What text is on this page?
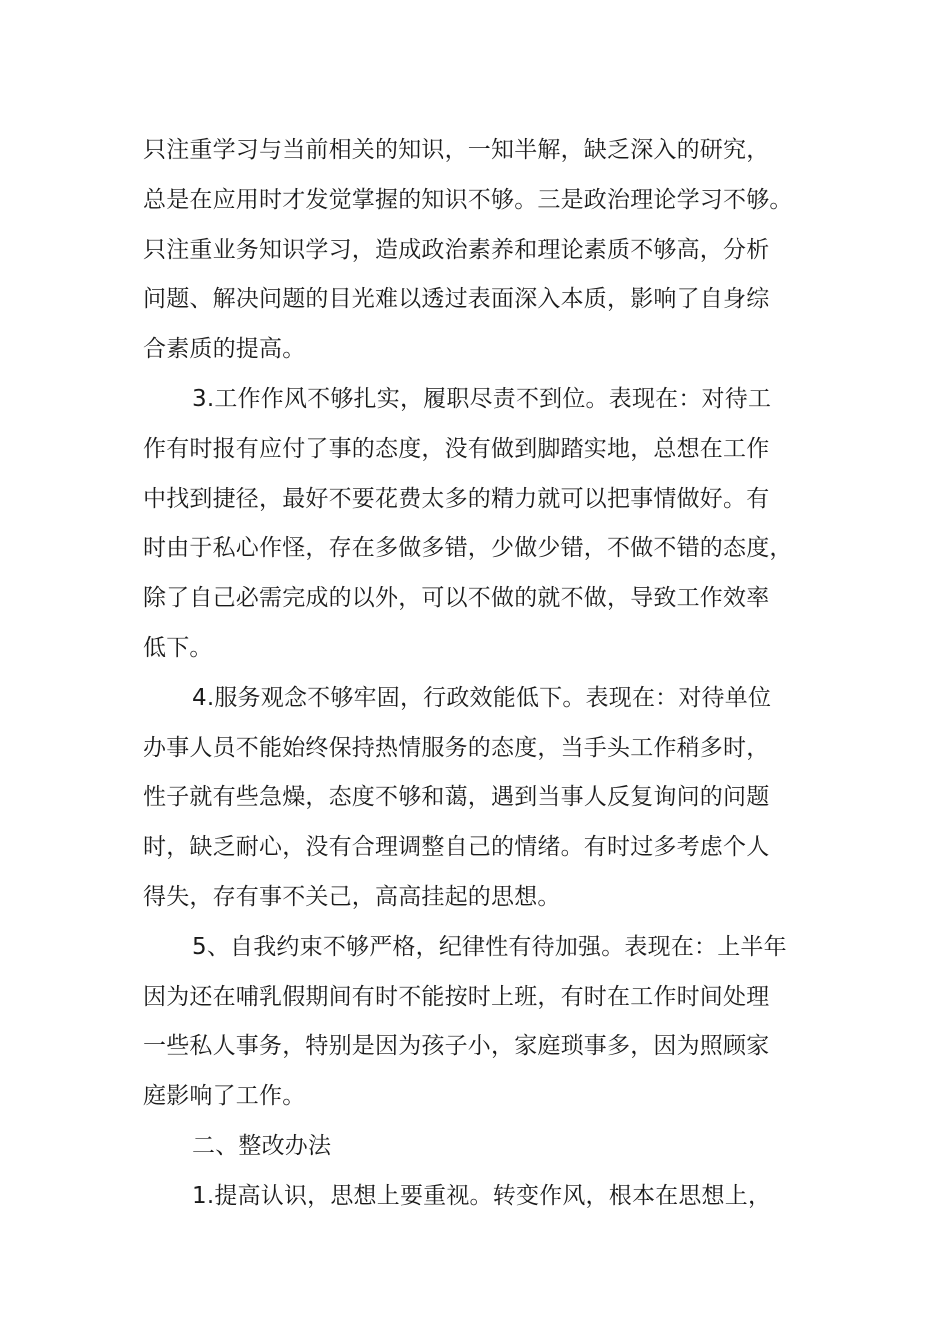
只注重学习与当前相关的知识，一知半解，缺乏深入的研究，
总是在应用时才发觉掌握的知识不够。三是政治理论学习不够。
只注重业务知识学习，造成政治素养和理论素质不够高，分析
问题、解决问题的目光难以透过表面深入本质，影响了自身综
合素质的提高。
3.工作作风不够扎实，履职尽责不到位。表现在：对待工
作有时报有应付了事的态度，没有做到脚踏实地，总想在工作
中找到捷径，最好不要花费太多的精力就可以把事情做好。有
时由于私心作怪，存在多做多错，少做少错，不做不错的态度，
除了自己必需完成的以外，可以不做的就不做，导致工作效率
低下。
4.服务观念不够牢固，行政效能低下。表现在：对待单位
办事人员不能始终保持热情服务的态度，当手头工作稍多时，
性子就有些急燥，态度不够和蔼，遇到当事人反复询问的问题
时，缺乏耐心，没有合理调整自己的情绪。有时过多考虑个人
得失，存有事不关己，高高挂起的思想。
5、自我约束不够严格，纪律性有待加强。表现在：上半年
因为还在哺乳假期间有时不能按时上班，有时在工作时间处理
一些私人事务，特别是因为孩子小，家庭琐事多，因为照顾家
庭影响了工作。
二、整改办法
1.提高认识，思想上要重视。转变作风，根本在思想上，
